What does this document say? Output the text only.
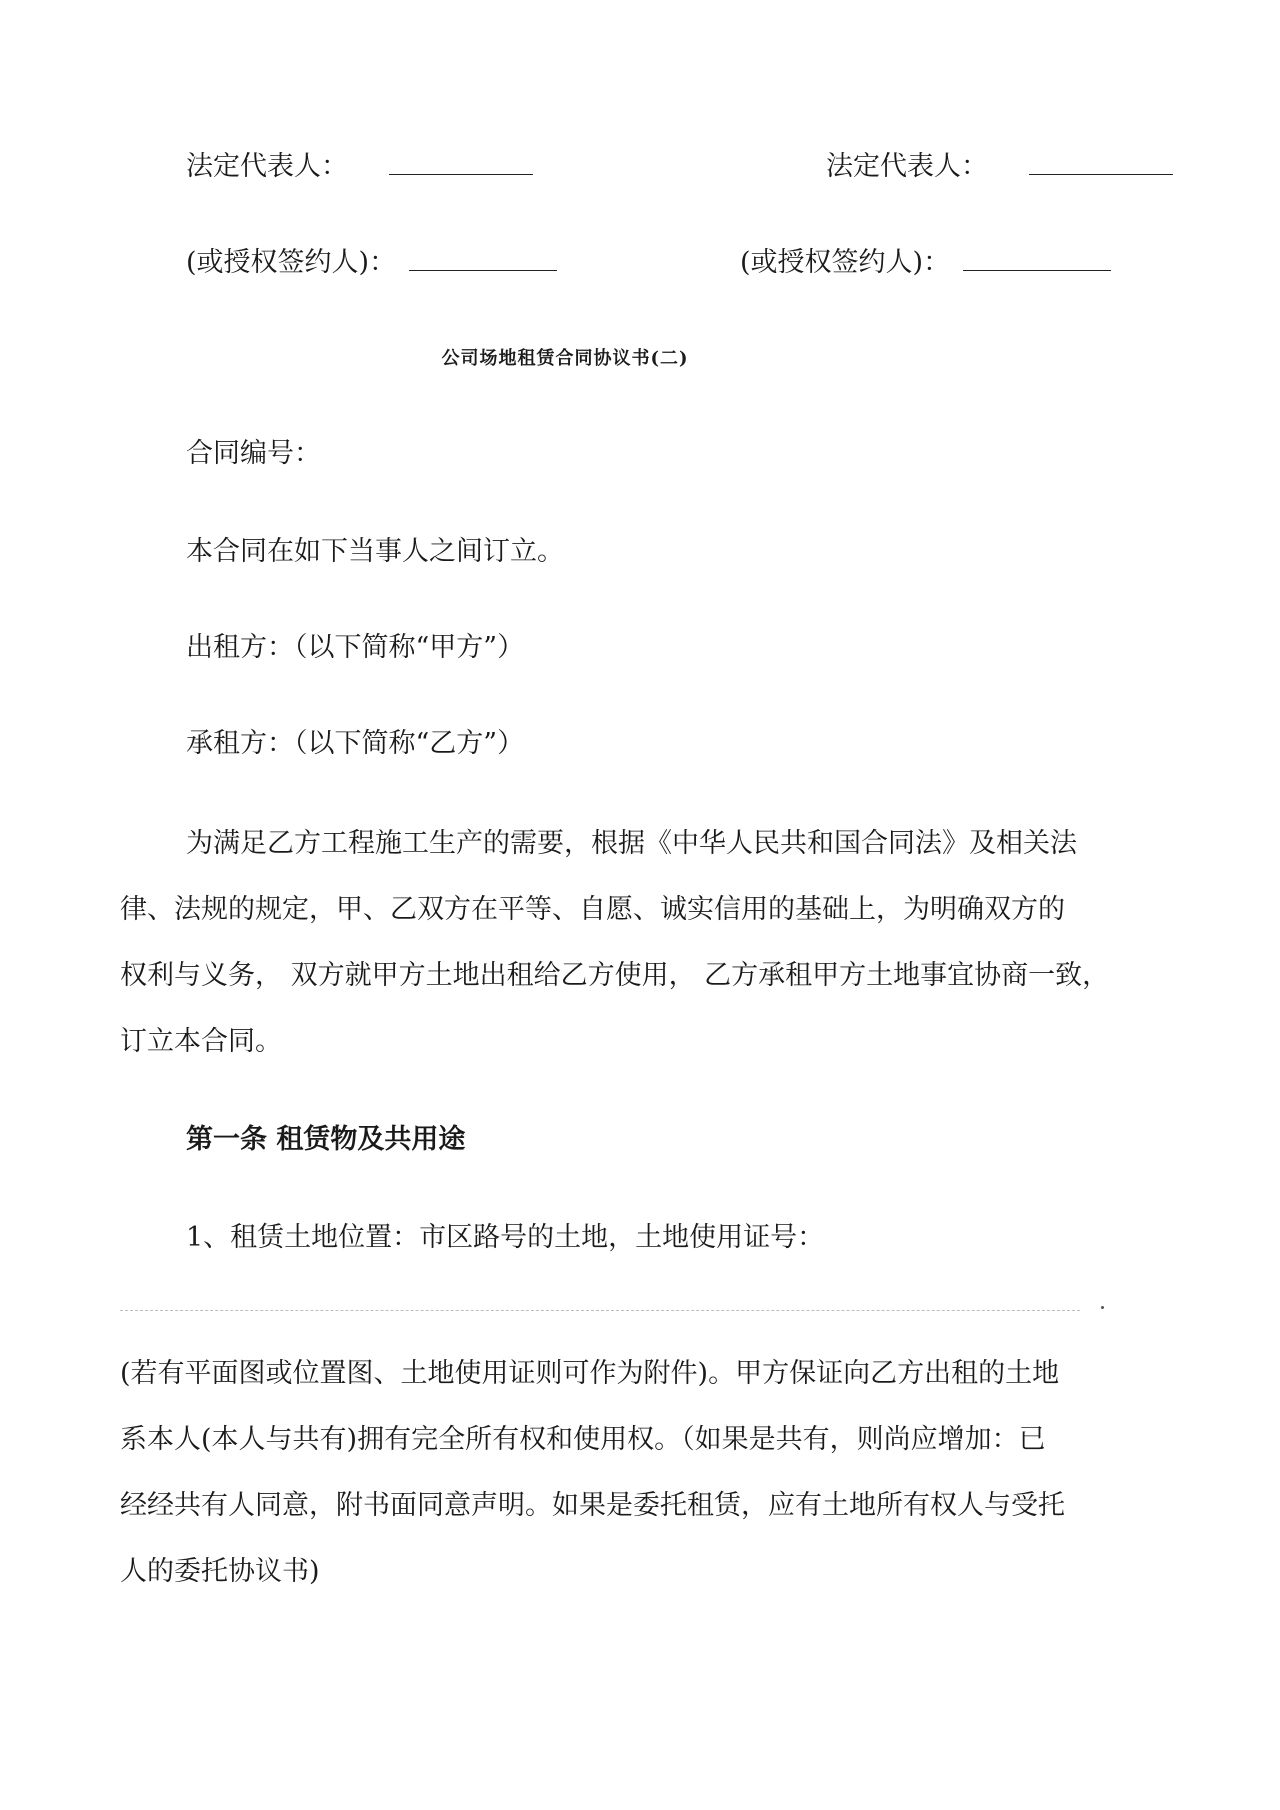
法定代表人：	法定代表人：
(或授权签约人)：	(或授权签约人)：
公司场地租赁合同协议书(二)
合同编号：
本合同在如下当事人之间订立。
出租方：（以下简称“甲方”）
承租方：（以下简称“乙方”）
为满足乙方工程施工生产的需要，根据《中华人民共和国合同法》及相关法
律、法规的规定，甲、乙双方在平等、自愿、诚实信用的基础上，为明确双方的
权利与义务， 双方就甲方土地出租给乙方使用， 乙方承租甲方土地事宜协商一致，
订立本合同。
第一条 租赁物及共用途
1、租赁土地位置：市区路号的土地，土地使用证号：
(若有平面图或位置图、土地使用证则可作为附件)。甲方保证向乙方出租的土地
系本人(本人与共有)拥有完全所有权和使用权。（如果是共有，则尚应增加：已
经经共有人同意，附书面同意声明。如果是委托租赁，应有土地所有权人与受托
人的委托协议书)
